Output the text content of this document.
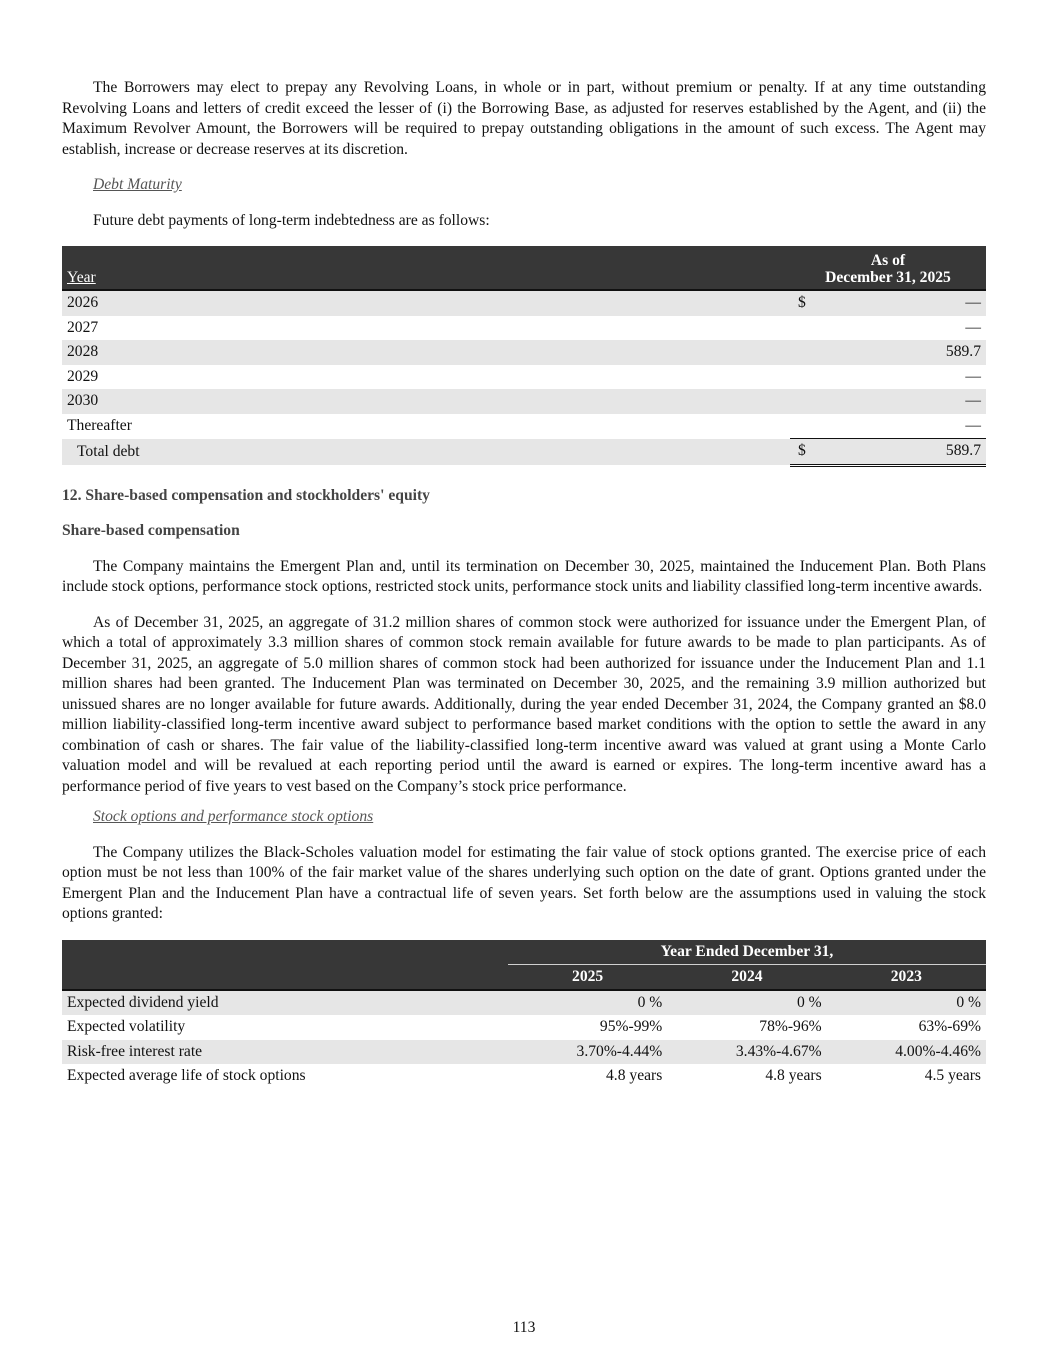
The Borrowers may elect to prepay any Revolving Loans, in whole or in part, without premium or penalty. If at any time outstanding Revolving Loans and letters of credit exceed the lesser of (i) the Borrowing Base, as adjusted for reserves established by the Agent, and (ii) the Maximum Revolver Amount, the Borrowers will be required to prepay outstanding obligations in the amount of such excess. The Agent may establish, increase or decrease reserves at its discretion.

Debt Maturity

Future debt payments of long-term indebtedness are as follows:

Year	As of
December 31, 2025	

2026	$	—
2027		—
2028		589.7
2029		—
2030		—
Thereafter		—
Total debt	$	589.7
12. Share-based compensation and stockholders' equity
Share-based compensation

The Company maintains the Emergent Plan and, until its termination on December 30, 2025, maintained the Inducement Plan. Both Plans include stock options, performance stock options, restricted stock units, performance stock units and liability classified long-term incentive awards.

As of December 31, 2025, an aggregate of 31.2 million shares of common stock were authorized for issuance under the Emergent Plan, of which a total of approximately 3.3 million shares of common stock remain available for future awards to be made to plan participants. As of December 31, 2025, an aggregate of 5.0 million shares of common stock had been authorized for issuance under the Inducement Plan and 1.1 million shares had been granted. The Inducement Plan was terminated on December 30, 2025, and the remaining 3.9 million authorized but unissued shares are no longer available for future awards. Additionally, during the year ended December 31, 2024, the Company granted an $8.0 million liability-classified long-term incentive award subject to performance based market conditions with the option to settle the award in any combination of cash or shares. The fair value of the liability-classified long-term incentive award was valued at grant using a Monte Carlo valuation model and will be revalued at each reporting period until the award is earned or expires. The long-term incentive award has a performance period of five years to vest based on the Company’s stock price performance.

Stock options and performance stock options

The Company utilizes the Black-Scholes valuation model for estimating the fair value of stock options granted. The exercise price of each option must be not less than 100% of the fair market value of the shares underlying such option on the date of grant. Options granted under the Emergent Plan and the Inducement Plan have a contractual life of seven years. Set forth below are the assumptions used in valuing the stock options granted:

	Year Ended December 31,		
	2025	2024	2023
Expected dividend yield	0 %	0 %	0 %
Expected volatility	95%-99%	78%-96%	63%-69%
Risk-free interest rate	3.70%-4.44%	3.43%-4.67%	4.00%-4.46%
Expected average life of stock options	4.8 years	4.8 years	4.5 years
113
